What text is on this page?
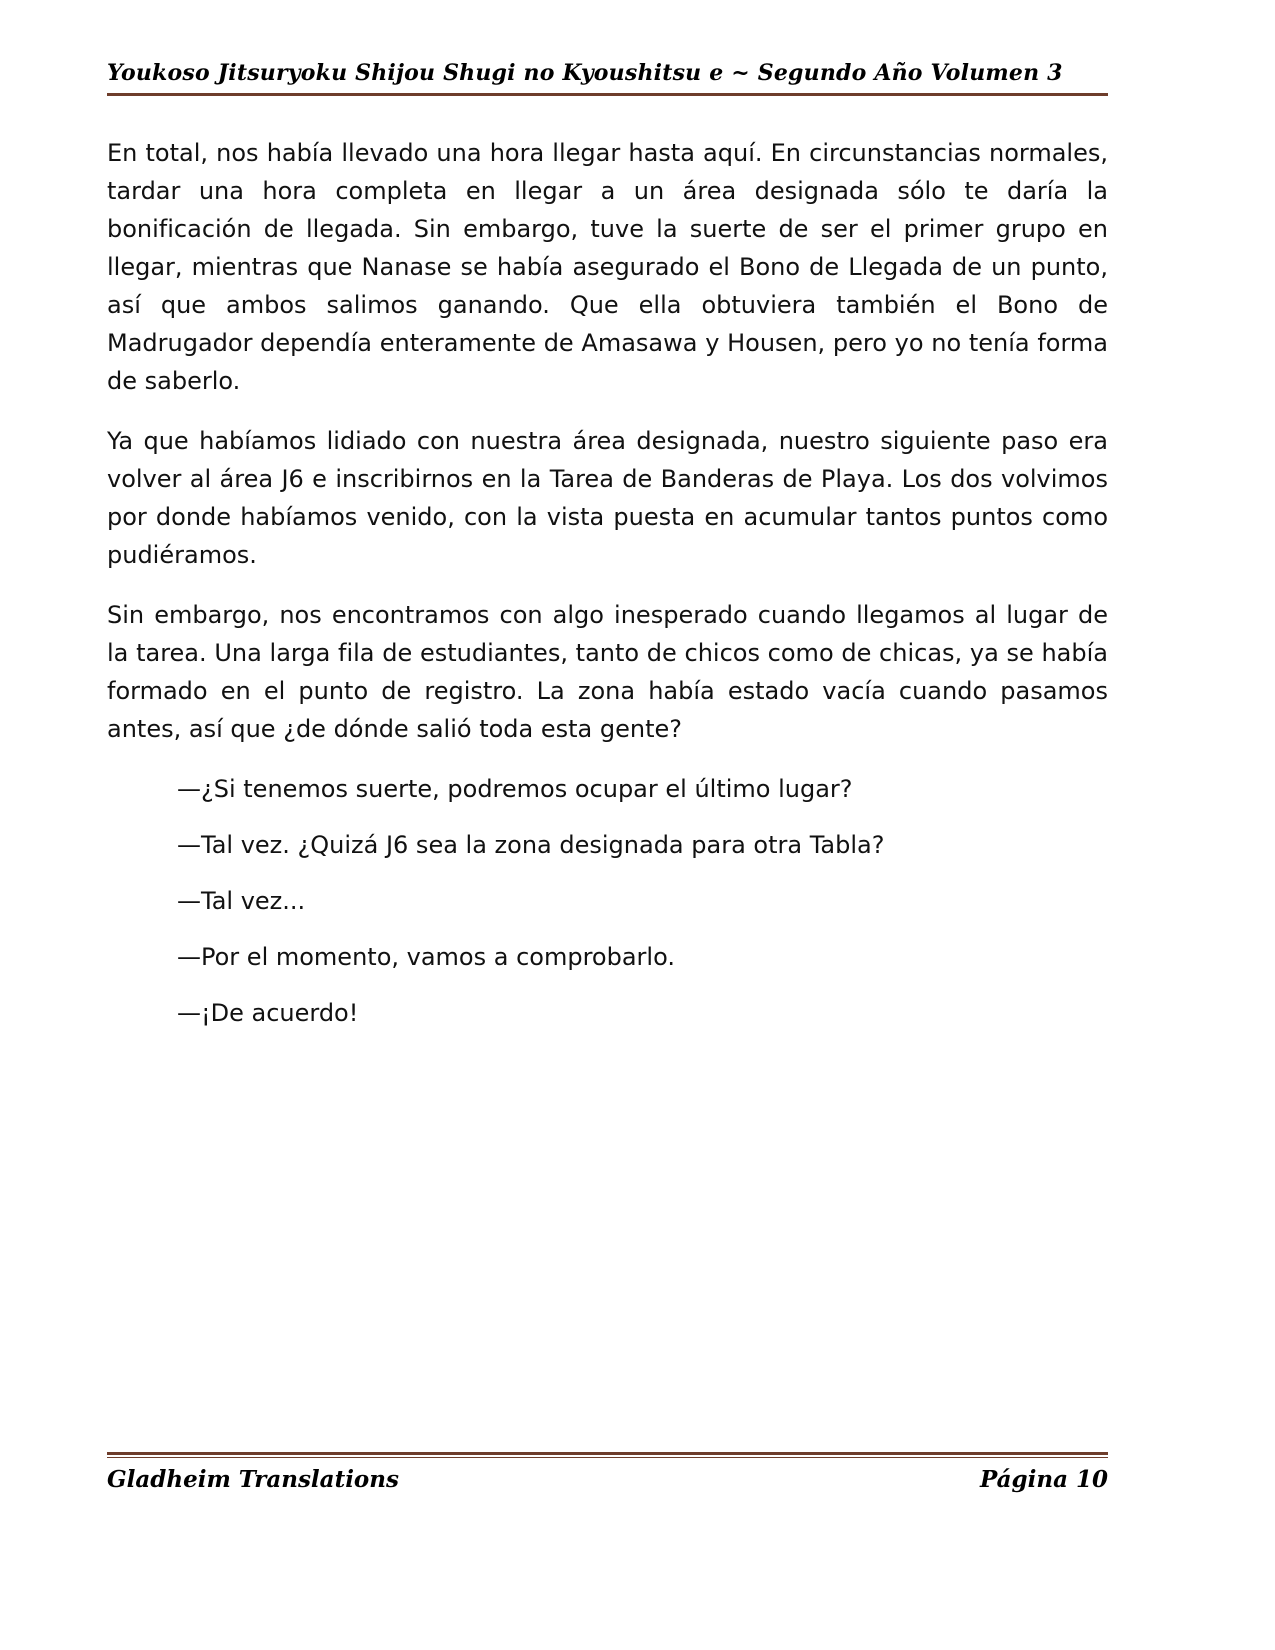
Youkoso Jitsuryoku Shijou Shugi no Kyoushitsu e ~ Segundo Año Volumen 3

En total, nos había llevado una hora llegar hasta aquí. En circunstancias normales, tardar una hora completa en llegar a un área designada sólo te daría la bonificación de llegada. Sin embargo, tuve la suerte de ser el primer grupo en llegar, mientras que Nanase se había asegurado el Bono de Llegada de un punto, así que ambos salimos ganando. Que ella obtuviera también el Bono de Madrugador dependía enteramente de Amasawa y Housen, pero yo no tenía forma de saberlo.

Ya que habíamos lidiado con nuestra área designada, nuestro siguiente paso era volver al área J6 e inscribirnos en la Tarea de Banderas de Playa. Los dos volvimos por donde habíamos venido, con la vista puesta en acumular tantos puntos como pudiéramos.

Sin embargo, nos encontramos con algo inesperado cuando llegamos al lugar de la tarea. Una larga fila de estudiantes, tanto de chicos como de chicas, ya se había formado en el punto de registro. La zona había estado vacía cuando pasamos antes, así que ¿de dónde salió toda esta gente?

—¿Si tenemos suerte, podremos ocupar el último lugar?

—Tal vez. ¿Quizá J6 sea la zona designada para otra Tabla?

—Tal vez...

—Por el momento, vamos a comprobarlo.

—¡De acuerdo!

Gladheim Translations	Página 10
